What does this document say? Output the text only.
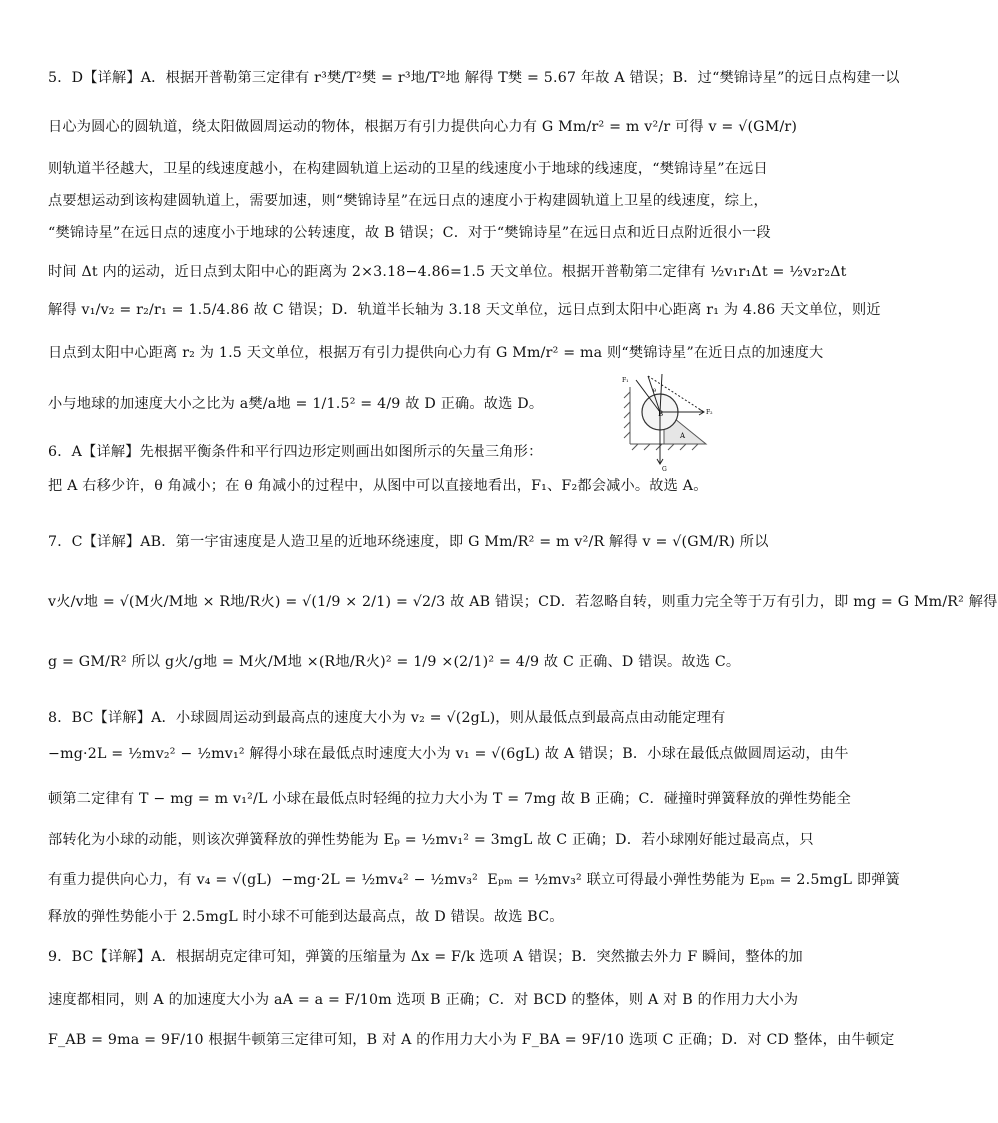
5．D【详解】A．根据开普勒第三定律有 r³樊/T²樊 = r³地/T²地 解得 T樊 = 5.67 年故 A 错误；B．过“樊锦诗星”的远日点构建一以
日心为圆心的圆轨道，绕太阳做圆周运动的物体，根据万有引力提供向心力有 G Mm/r² = m v²/r 可得 v = √(GM/r)
则轨道半径越大，卫星的线速度越小，在构建圆轨道上运动的卫星的线速度小于地球的线速度，“樊锦诗星”在远日
点要想运动到该构建圆轨道上，需要加速，则“樊锦诗星”在远日点的速度小于构建圆轨道上卫星的线速度，综上，
“樊锦诗星”在远日点的速度小于地球的公转速度，故 B 错误；C．对于“樊锦诗星”在远日点和近日点附近很小一段
时间 Δt 内的运动，近日点到太阳中心的距离为 2×3.18−4.86=1.5 天文单位。根据开普勒第二定律有 ½v₁r₁Δt = ½v₂r₂Δt
解得 v₁/v₂ = r₂/r₁ = 1.5/4.86 故 C 错误；D．轨道半长轴为 3.18 天文单位，远日点到太阳中心距离 r₁ 为 4.86 天文单位，则近
日点到太阳中心距离 r₂ 为 1.5 天文单位，根据万有引力提供向心力有 G Mm/r² = ma 则“樊锦诗星”在近日点的加速度大
小与地球的加速度大小之比为 a樊/a地 = 1/1.5² = 4/9 故 D 正确。故选 D。
6．A【详解】先根据平衡条件和平行四边形定则画出如图所示的矢量三角形：
把 A 右移少许，θ 角减小；在 θ 角减小的过程中，从图中可以直接地看出，F₁、F₂都会减小。故选 A。
7．C【详解】AB．第一宇宙速度是人造卫星的近地环绕速度，即 G Mm/R² = m v²/R 解得 v = √(GM/R) 所以
v火/v地 = √(M火/M地 × R地/R火) = √(1/9 × 2/1) = √2/3 故 AB 错误；CD．若忽略自转，则重力完全等于万有引力，即 mg = G Mm/R² 解得
g = GM/R² 所以 g火/g地 = M火/M地 ×(R地/R火)² = 1/9 ×(2/1)² = 4/9 故 C 正确、D 错误。故选 C。
8．BC【详解】A．小球圆周运动到最高点的速度大小为 v₂ = √(2gL)，则从最低点到最高点由动能定理有
−mg·2L = ½mv₂² − ½mv₁² 解得小球在最低点时速度大小为 v₁ = √(6gL) 故 A 错误；B．小球在最低点做圆周运动，由牛
顿第二定律有 T − mg = m v₁²/L 小球在最低点时轻绳的拉力大小为 T = 7mg 故 B 正确；C．碰撞时弹簧释放的弹性势能全
部转化为小球的动能，则该次弹簧释放的弹性势能为 Eₚ = ½mv₁² = 3mgL 故 C 正确；D．若小球刚好能过最高点，只
有重力提供向心力，有 v₄ = √(gL)  −mg·2L = ½mv₄² − ½mv₃²  Eₚₘ = ½mv₃² 联立可得最小弹性势能为 Eₚₘ = 2.5mgL 即弹簧
释放的弹性势能小于 2.5mgL 时小球不可能到达最高点，故 D 错误。故选 BC。
9．BC【详解】A．根据胡克定律可知，弹簧的压缩量为 Δx = F/k 选项 A 错误；B．突然撤去外力 F 瞬间，整体的加
速度都相同，则 A 的加速度大小为 aA = a = F/10m 选项 B 正确；C．对 BCD 的整体，则 A 对 B 的作用力大小为
F_AB = 9ma = 9F/10 根据牛顿第三定律可知，B 对 A 的作用力大小为 F_BA = 9F/10 选项 C 正确；D．对 CD 整体，由牛顿定
B
A
F₁
F₂
G
θ
